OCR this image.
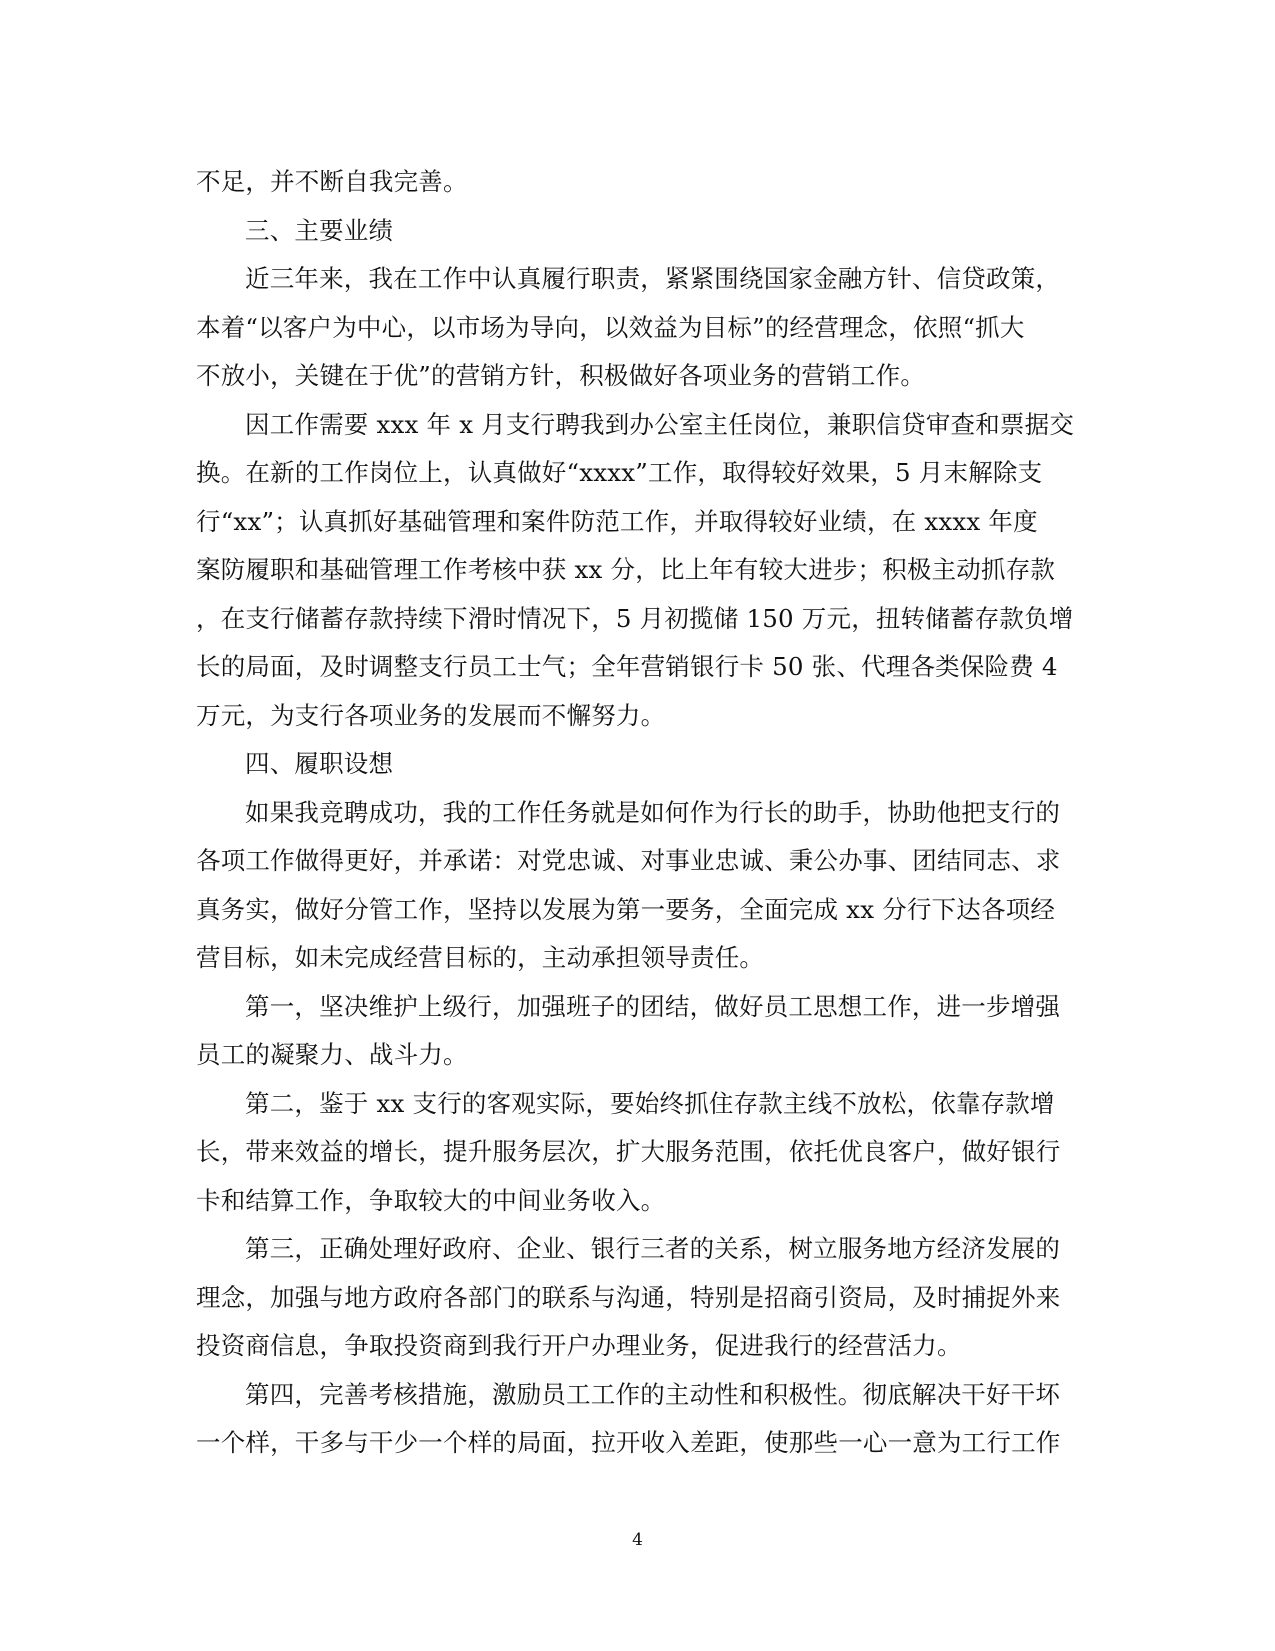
不足，并不断自我完善。
三、主要业绩
近三年来，我在工作中认真履行职责，紧紧围绕国家金融方针、信贷政策，
本着“以客户为中心，以市场为导向，以效益为目标”的经营理念，依照“抓大
不放小，关键在于优”的营销方针，积极做好各项业务的营销工作。
因工作需要 xxx 年 x 月支行聘我到办公室主任岗位，兼职信贷审查和票据交
换。在新的工作岗位上，认真做好“xxxx”工作，取得较好效果，5 月末解除支
行“xx”；认真抓好基础管理和案件防范工作，并取得较好业绩，在 xxxx 年度
案防履职和基础管理工作考核中获 xx 分，比上年有较大进步；积极主动抓存款
，在支行储蓄存款持续下滑时情况下，5 月初揽储 150 万元，扭转储蓄存款负增
长的局面，及时调整支行员工士气；全年营销银行卡 50 张、代理各类保险费 4
万元，为支行各项业务的发展而不懈努力。
四、履职设想
如果我竞聘成功，我的工作任务就是如何作为行长的助手，协助他把支行的
各项工作做得更好，并承诺：对党忠诚、对事业忠诚、秉公办事、团结同志、求
真务实，做好分管工作，坚持以发展为第一要务，全面完成 xx 分行下达各项经
营目标，如未完成经营目标的，主动承担领导责任。
第一，坚决维护上级行，加强班子的团结，做好员工思想工作，进一步增强
员工的凝聚力、战斗力。
第二，鉴于 xx 支行的客观实际，要始终抓住存款主线不放松，依靠存款增
长，带来效益的增长，提升服务层次，扩大服务范围，依托优良客户，做好银行
卡和结算工作，争取较大的中间业务收入。
第三，正确处理好政府、企业、银行三者的关系，树立服务地方经济发展的
理念，加强与地方政府各部门的联系与沟通，特别是招商引资局，及时捕捉外来
投资商信息，争取投资商到我行开户办理业务，促进我行的经营活力。
第四，完善考核措施，激励员工工作的主动性和积极性。彻底解决干好干坏
一个样，干多与干少一个样的局面，拉开收入差距，使那些一心一意为工行工作
4
